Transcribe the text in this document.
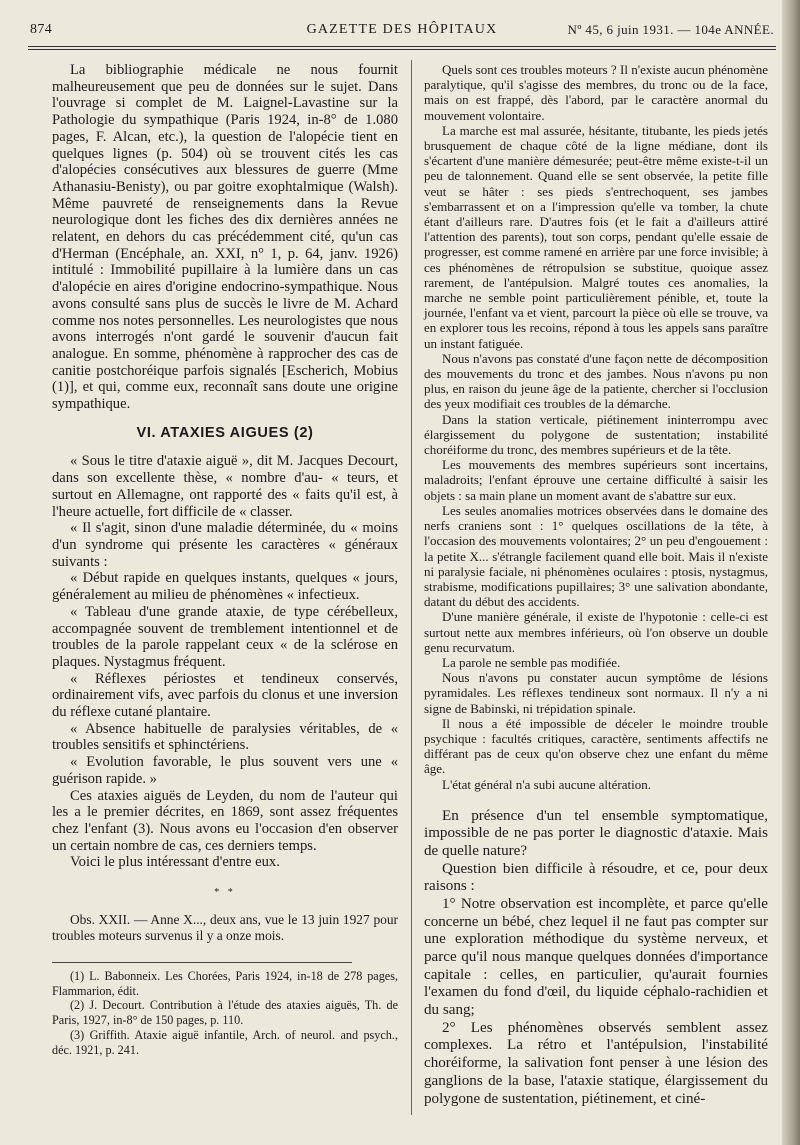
874	GAZETTE DES HÔPITAUX	Nº 45, 6 juin 1931. — 104e ANNÉE.

La bibliographie médicale ne nous fournit malheureusement que peu de données sur le sujet. Dans l'ouvrage si complet de M. Laignel-Lavastine sur la Pathologie du sympathique (Paris 1924, in-8° de 1.080 pages, F. Alcan, etc.), la question de l'alopécie tient en quelques lignes (p. 504) où se trouvent cités les cas d'alopécies consécutives aux blessures de guerre (Mme Athanasiu-Benisty), ou par goitre exophtalmique (Walsh). Même pauvreté de renseignements dans la Revue neurologique dont les fiches des dix dernières années ne relatent, en dehors du cas précédemment cité, qu'un cas d'Herman (Encéphale, an. XXI, n° 1, p. 64, janv. 1926) intitulé : Immobilité pupillaire à la lumière dans un cas d'alopécie en aires d'origine endocrino-sympathique. Nous avons consulté sans plus de succès le livre de M. Achard comme nos notes personnelles. Les neurologistes que nous avons interrogés n'ont gardé le souvenir d'aucun fait analogue. En somme, phénomène à rapprocher des cas de canitie postchoréique parfois signalés [Escherich, Mobius (1)], et qui, comme eux, reconnaît sans doute une origine sympathique.

VI. ATAXIES AIGUES (2)

« Sous le titre d'ataxie aiguë », dit M. Jacques Decourt, dans son excellente thèse, « nombre d'au- « teurs, et surtout en Allemagne, ont rapporté des « faits qu'il est, à l'heure actuelle, fort difficile de « classer.

« Il s'agit, sinon d'une maladie déterminée, du « moins d'un syndrome qui présente les caractères « généraux suivants :

« Début rapide en quelques instants, quelques « jours, généralement au milieu de phénomènes « infectieux.

« Tableau d'une grande ataxie, de type cérébelleux, accompagnée souvent de tremblement intentionnel et de troubles de la parole rappelant ceux « de la sclérose en plaques. Nystagmus fréquent.

« Réflexes périostes et tendineux conservés, ordinairement vifs, avec parfois du clonus et une inversion du réflexe cutané plantaire.

« Absence habituelle de paralysies véritables, de « troubles sensitifs et sphinctériens.

« Evolution favorable, le plus souvent vers une « guérison rapide. »

Ces ataxies aiguës de Leyden, du nom de l'auteur qui les a le premier décrites, en 1869, sont assez fréquentes chez l'enfant (3). Nous avons eu l'occasion d'en observer un certain nombre de cas, ces derniers temps.

Voici le plus intéressant d'entre eux.

* *

Obs. XXII. — Anne X..., deux ans, vue le 13 juin 1927 pour troubles moteurs survenus il y a onze mois.

(1) L. Babonneix. Les Chorées, Paris 1924, in-18 de 278 pages, Flammarion, édit.

(2) J. Decourt. Contribution à l'étude des ataxies aiguës, Th. de Paris, 1927, in-8° de 150 pages, p. 110.

(3) Griffith. Ataxie aiguë infantile, Arch. of neurol. and psych., déc. 1921, p. 241.

Quels sont ces troubles moteurs ? Il n'existe aucun phénomène paralytique, qu'il s'agisse des membres, du tronc ou de la face, mais on est frappé, dès l'abord, par le caractère anormal du mouvement volontaire.

La marche est mal assurée, hésitante, titubante, les pieds jetés brusquement de chaque côté de la ligne médiane, dont ils s'écartent d'une manière démesurée; peut-être même existe-t-il un peu de talonnement. Quand elle se sent observée, la petite fille veut se hâter : ses pieds s'entrechoquent, ses jambes s'embarrassent et on a l'impression qu'elle va tomber, la chute étant d'ailleurs rare. D'autres fois (et le fait a d'ailleurs attiré l'attention des parents), tout son corps, pendant qu'elle essaie de progresser, est comme ramené en arrière par une force invisible; à ces phénomènes de rétropulsion se substitue, quoique assez rarement, de l'antépulsion. Malgré toutes ces anomalies, la marche ne semble point particulièrement pénible, et, toute la journée, l'enfant va et vient, parcourt la pièce où elle se trouve, va en explorer tous les recoins, répond à tous les appels sans paraître un instant fatiguée.

Nous n'avons pas constaté d'une façon nette de décomposition des mouvements du tronc et des jambes. Nous n'avons pu non plus, en raison du jeune âge de la patiente, chercher si l'occlusion des yeux modifiait ces troubles de la démarche.

Dans la station verticale, piétinement ininterrompu avec élargissement du polygone de sustentation; instabilité choréiforme du tronc, des membres supérieurs et de la tête.

Les mouvements des membres supérieurs sont incertains, maladroits; l'enfant éprouve une certaine difficulté à saisir les objets : sa main plane un moment avant de s'abattre sur eux.

Les seules anomalies motrices observées dans le domaine des nerfs craniens sont : 1° quelques oscillations de la tête, à l'occasion des mouvements volontaires; 2° un peu d'engouement : la petite X... s'étrangle facilement quand elle boit. Mais il n'existe ni paralysie faciale, ni phénomènes oculaires : ptosis, nystagmus, strabisme, modifications pupillaires; 3° une salivation abondante, datant du début des accidents.

D'une manière générale, il existe de l'hypotonie : celle-ci est surtout nette aux membres inférieurs, où l'on observe un double genu recurvatum.

La parole ne semble pas modifiée.

Nous n'avons pu constater aucun symptôme de lésions pyramidales. Les réflexes tendineux sont normaux. Il n'y a ni signe de Babinski, ni trépidation spinale.

Il nous a été impossible de déceler le moindre trouble psychique : facultés critiques, caractère, sentiments affectifs ne différant pas de ceux qu'on observe chez une enfant du même âge.

L'état général n'a subi aucune altération.

En présence d'un tel ensemble symptomatique, impossible de ne pas porter le diagnostic d'ataxie. Mais de quelle nature?

Question bien difficile à résoudre, et ce, pour deux raisons :

1° Notre observation est incomplète, et parce qu'elle concerne un bébé, chez lequel il ne faut pas compter sur une exploration méthodique du système nerveux, et parce qu'il nous manque quelques données d'importance capitale : celles, en particulier, qu'aurait fournies l'examen du fond d'œil, du liquide céphalo-rachidien et du sang;

2° Les phénomènes observés semblent assez complexes. La rétro et l'antépulsion, l'instabilité choréiforme, la salivation font penser à une lésion des ganglions de la base, l'ataxie statique, élargissement du polygone de sustentation, piétinement, et ciné-
